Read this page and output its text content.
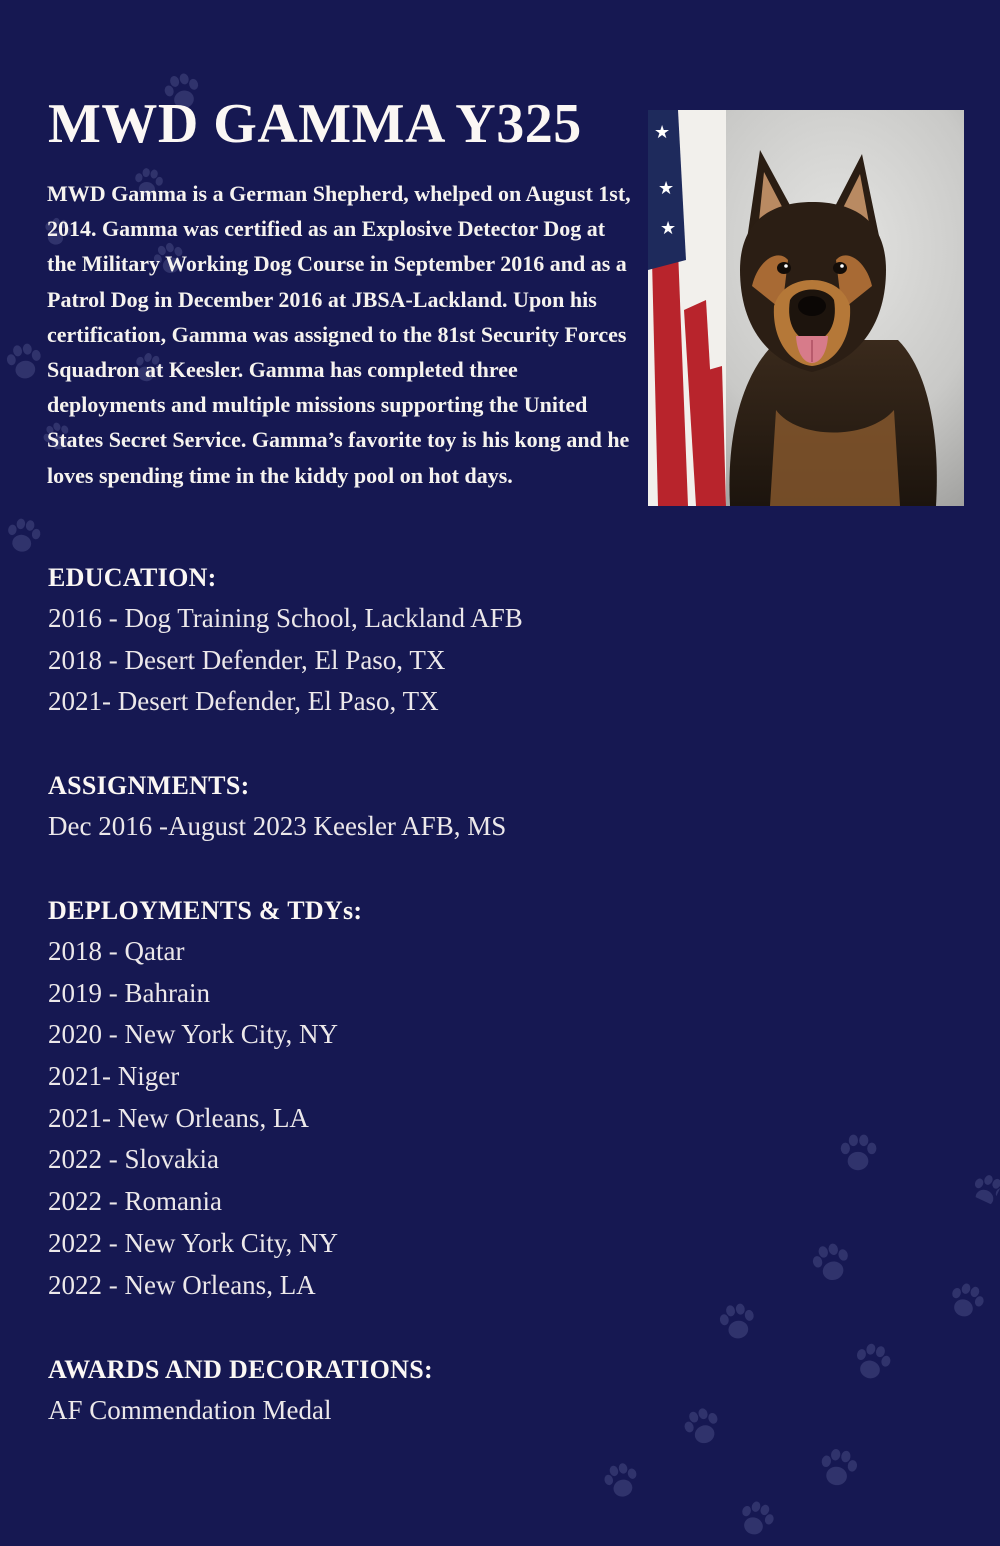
MWD GAMMA Y325

MWD Gamma is a German Shepherd, whelped on August 1st, 2014. Gamma was certified as an Explosive Detector Dog at the Military Working Dog Course in September 2016 and as a Patrol Dog in December 2016 at JBSA-Lackland. Upon his certification, Gamma was assigned to the 81st Security Forces Squadron at Keesler. Gamma has completed three deployments and multiple missions supporting the United States Secret Service. Gamma’s favorite toy is his kong and he loves spending time in the kiddy pool on hot days.

★
★
★
EDUCATION:
2016 - Dog Training School, Lackland AFB
2018 - Desert Defender, El Paso, TX
2021- Desert Defender, El Paso, TX
ASSIGNMENTS:
Dec 2016 -August 2023 Keesler AFB, MS
DEPLOYMENTS & TDYs:
2018 - Qatar
2019 - Bahrain
2020 - New York City, NY
2021- Niger
2021- New Orleans, LA
2022 - Slovakia
2022 - Romania
2022 - New York City, NY
2022 - New Orleans, LA
AWARDS AND DECORATIONS:
AF Commendation Medal
